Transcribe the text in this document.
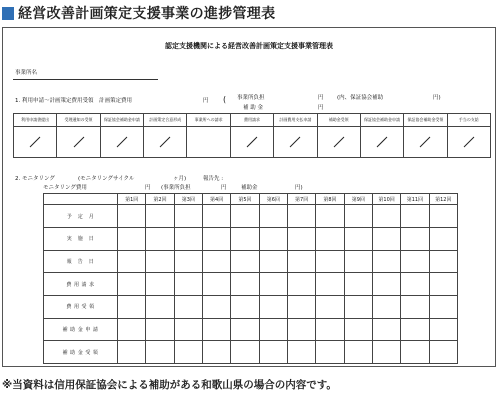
経営改善計画策定支援事業の進捗管理表
認定支援機関による経営改善計画策定支援事業管理表
事業所名
1. 利用申請～計画策定費用受領　計画策定費用	円 ( 事業所負担	円 (内、保証協会補助	円)
補 助 金	円
利用申請書提出	受理通知の受領	保証協会補助金申請	計画策定合意形成	事業所への請求	費用請求	計画費用支払申請	補助金受領	保証協会補助金申請	保証協会補助金受領	手当の支給

2. モニタリング	(モニタリングサイクル	ヶ月)	報告先 :
モニタリング費用	円 (事業所負担	円	補助金	円)
	第1回	第2回	第3回	第4回	第5回	第6回	第7回	第8回	第9回	第10回	第11回	第12回
予　定　月												
実　施　日												
報　告　日												
費 用 請 求												
費 用 受 領												
補 助 金 申 請												
補 助 金 受 領												
※当資料は信用保証協会による補助がある和歌山県の場合の内容です。
